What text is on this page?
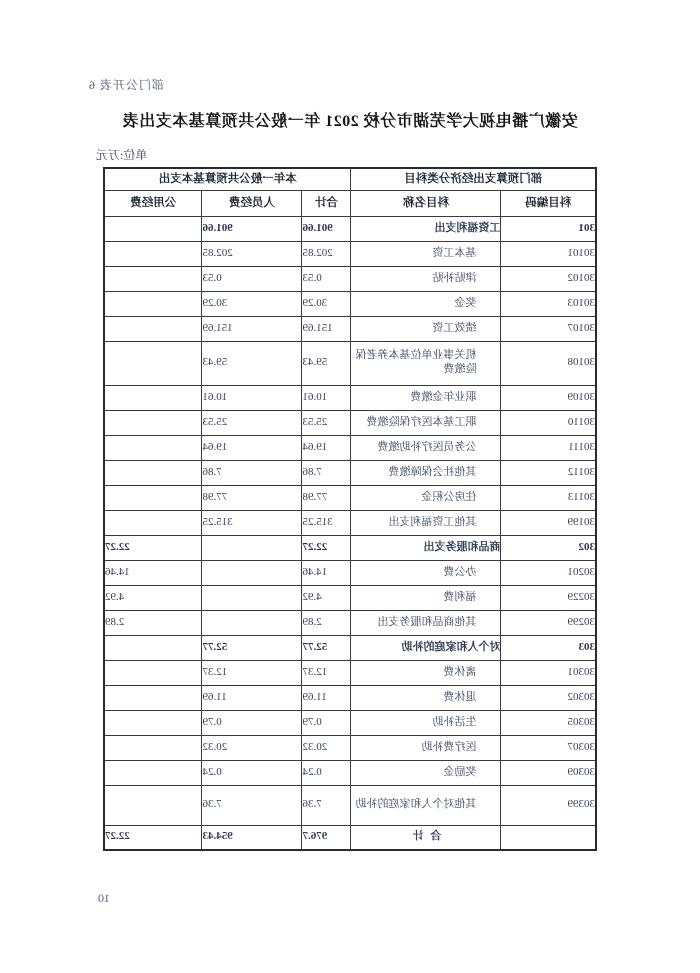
部门公开表 6
安徽广播电视大学芜湖市分校 2021 年一般公共预算基本支出表
单位:万元
部门预算支出经济分类科目		本年一般公共预算基本支出		
科目编码	科目名称	合计	人员经费	公用经费
301	工资福利支出	901.66	901.66	
30101	基本工资	202.85	202.85	
30102	津贴补贴	0.53	0.53	
30103	奖金	30.29	30.29	
30107	绩效工资	151.69	151.69	
30108	机关事业单位基本养老保险缴费	59.43	59.43	
30109	职业年金缴费	10.61	10.61	
30110	职工基本医疗保险缴费	25.53	25.53	
30111	公务员医疗补助缴费	19.64	19.64	
30112	其他社会保障缴费	7.86	7.86	
30113	住房公积金	77.98	77.98	
30199	其他工资福利支出	315.25	315.25	
302	商品和服务支出	22.27		22.27
30201	办公费	14.46		14.46
30229	福利费	4.92		4.92
30299	其他商品和服务支出	2.89		2.89
303	对个人和家庭的补助	52.77	52.77	
30301	离休费	12.37	12.37	
30302	退休费	11.69	11.69	
30305	生活补助	0.79	0.79	
30307	医疗费补助	20.32	20.32	
30309	奖励金	0.24	0.24	
30399	其他对个人和家庭的补助	7.36	7.36	
	合 计	976.7	954.43	22.27
10
